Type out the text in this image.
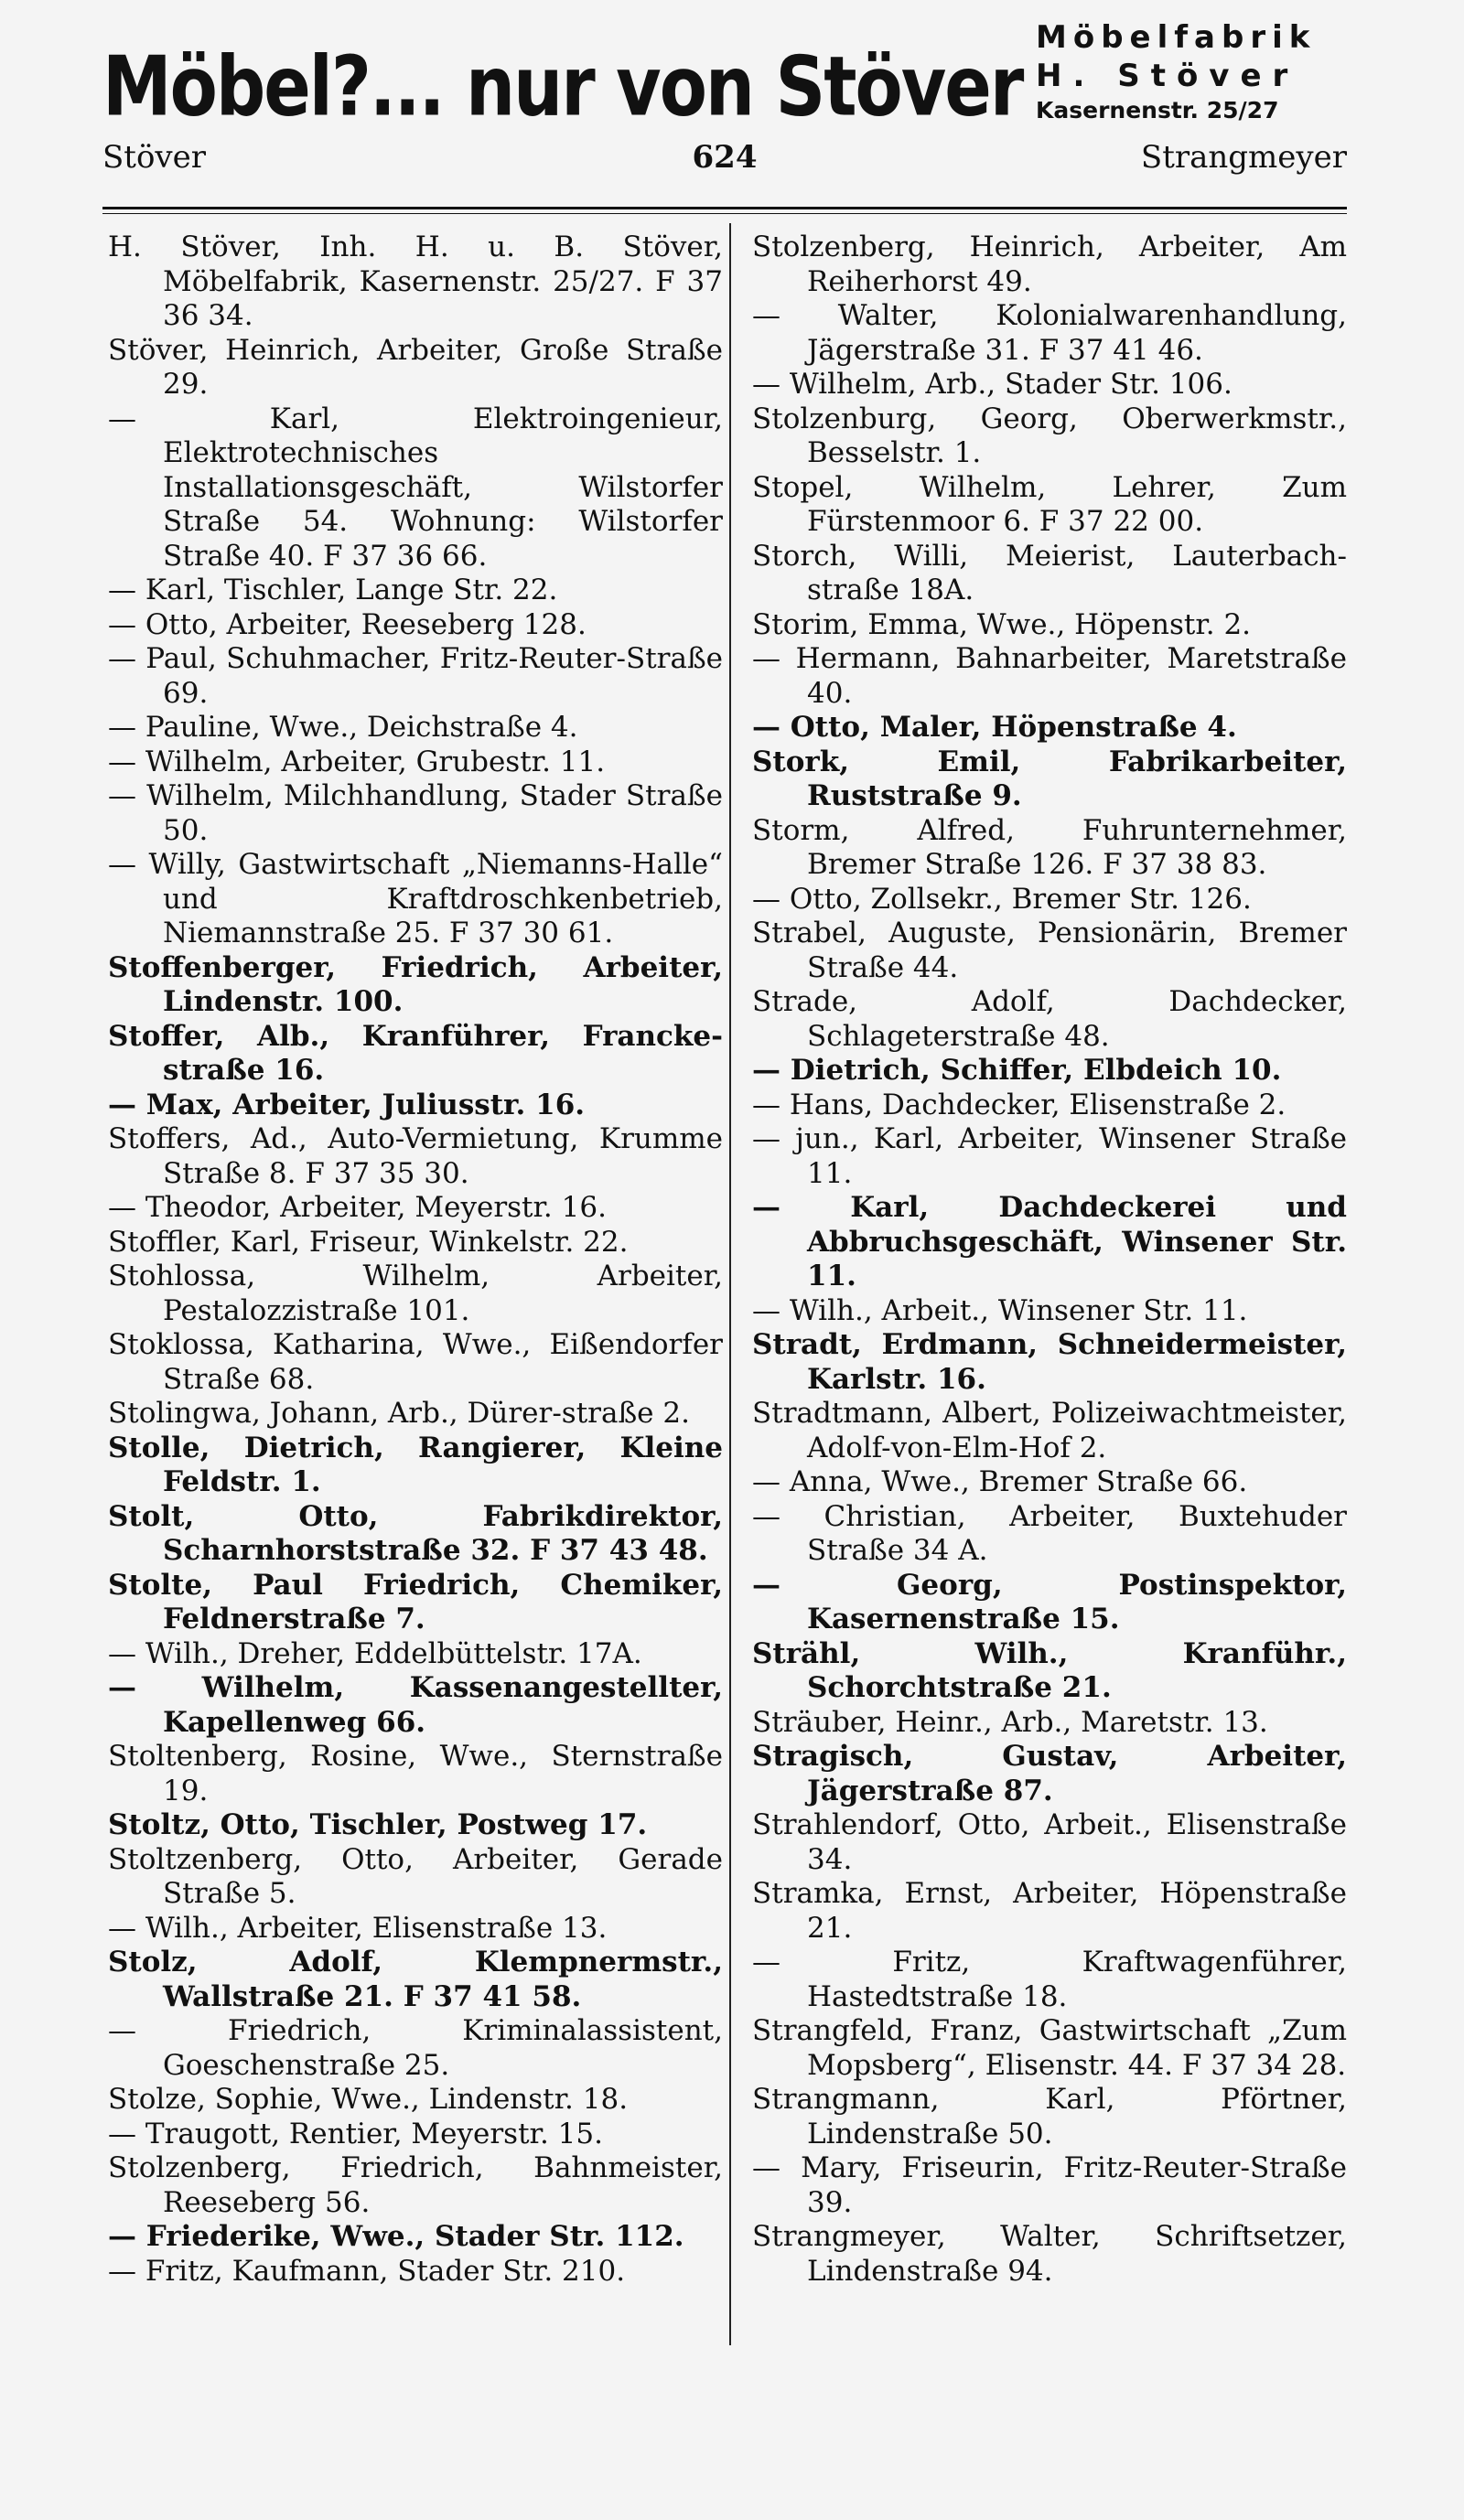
Möbel?... nur von Stöver
Möbelfabrik
H. Stöver
Kasernenstr. 25/27
624
Stöver	Strangmeyer

H. Stöver, Inh. H. u. B. Stöver, Möbelfabrik, Kasernenstr. 25/27. F 37 36 34.

Stöver, Heinrich, Arbeiter, Große Straße 29.

— Karl, Elektroingenieur, Elektrotechnisches Installationsgeschäft, Wilstorfer Straße 54. Wohnung: Wilstorfer Straße 40. F 37 36 66.

— Karl, Tischler, Lange Str. 22.

— Otto, Arbeiter, Reeseberg 128.

— Paul, Schuhmacher, Fritz-Reuter-Straße 69.

— Pauline, Wwe., Deichstraße 4.

— Wilhelm, Arbeiter, Grubestr. 11.

— Wilhelm, Milchhandlung, Stader Straße 50.

— Willy, Gastwirtschaft „Niemanns-Halle“ und Kraftdroschkenbetrieb, Niemannstraße 25. F 37 30 61.

Stoffenberger, Friedrich, Arbeiter, Lindenstr. 100.

Stoffer, Alb., Kranführer, Francke-straße 16.

— Max, Arbeiter, Juliusstr. 16.

Stoffers, Ad., Auto-Vermietung, Krumme Straße 8. F 37 35 30.

— Theodor, Arbeiter, Meyerstr. 16.

Stoffler, Karl, Friseur, Winkelstr. 22.

Stohlossa, Wilhelm, Arbeiter, Pestalozzistraße 101.

Stoklossa, Katharina, Wwe., Eißendorfer Straße 68.

Stolingwa, Johann, Arb., Dürer-straße 2.

Stolle, Dietrich, Rangierer, Kleine Feldstr. 1.

Stolt, Otto, Fabrikdirektor, Scharnhorststraße 32. F 37 43 48.

Stolte, Paul Friedrich, Chemiker, Feldnerstraße 7.

— Wilh., Dreher, Eddelbüttelstr. 17A.

— Wilhelm, Kassenangestellter, Kapellenweg 66.

Stoltenberg, Rosine, Wwe., Sternstraße 19.

Stoltz, Otto, Tischler, Postweg 17.

Stoltzenberg, Otto, Arbeiter, Gerade Straße 5.

— Wilh., Arbeiter, Elisenstraße 13.

Stolz, Adolf, Klempnermstr., Wallstraße 21. F 37 41 58.

— Friedrich, Kriminalassistent, Goeschenstraße 25.

Stolze, Sophie, Wwe., Lindenstr. 18.

— Traugott, Rentier, Meyerstr. 15.

Stolzenberg, Friedrich, Bahnmeister, Reeseberg 56.

— Friederike, Wwe., Stader Str. 112.

— Fritz, Kaufmann, Stader Str. 210.

Stolzenberg, Heinrich, Arbeiter, Am Reiherhorst 49.

— Walter, Kolonialwarenhandlung, Jägerstraße 31. F 37 41 46.

— Wilhelm, Arb., Stader Str. 106.

Stolzenburg, Georg, Oberwerkmstr., Besselstr. 1.

Stopel, Wilhelm, Lehrer, Zum Fürstenmoor 6. F 37 22 00.

Storch, Willi, Meierist, Lauterbach-straße 18A.

Storim, Emma, Wwe., Höpenstr. 2.

— Hermann, Bahnarbeiter, Maretstraße 40.

— Otto, Maler, Höpenstraße 4.

Stork, Emil, Fabrikarbeiter, Ruststraße 9.

Storm, Alfred, Fuhrunternehmer, Bremer Straße 126. F 37 38 83.

— Otto, Zollsekr., Bremer Str. 126.

Strabel, Auguste, Pensionärin, Bremer Straße 44.

Strade, Adolf, Dachdecker, Schlageterstraße 48.

— Dietrich, Schiffer, Elbdeich 10.

— Hans, Dachdecker, Elisenstraße 2.

— jun., Karl, Arbeiter, Winsener Straße 11.

— Karl, Dachdeckerei und Abbruchsgeschäft, Winsener Str. 11.

— Wilh., Arbeit., Winsener Str. 11.

Stradt, Erdmann, Schneidermeister, Karlstr. 16.

Stradtmann, Albert, Polizeiwachtmeister, Adolf-von-Elm-Hof 2.

— Anna, Wwe., Bremer Straße 66.

— Christian, Arbeiter, Buxtehuder Straße 34 A.

— Georg, Postinspektor, Kasernenstraße 15.

Strähl, Wilh., Kranführ., Schorchtstraße 21.

Sträuber, Heinr., Arb., Maretstr. 13.

Stragisch, Gustav, Arbeiter, Jägerstraße 87.

Strahlendorf, Otto, Arbeit., Elisenstraße 34.

Stramka, Ernst, Arbeiter, Höpenstraße 21.

— Fritz, Kraftwagenführer, Hastedtstraße 18.

Strangfeld, Franz, Gastwirtschaft „Zum Mopsberg“, Elisenstr. 44. F 37 34 28.

Strangmann, Karl, Pförtner, Lindenstraße 50.

— Mary, Friseurin, Fritz-Reuter-Straße 39.

Strangmeyer, Walter, Schriftsetzer, Lindenstraße 94.
